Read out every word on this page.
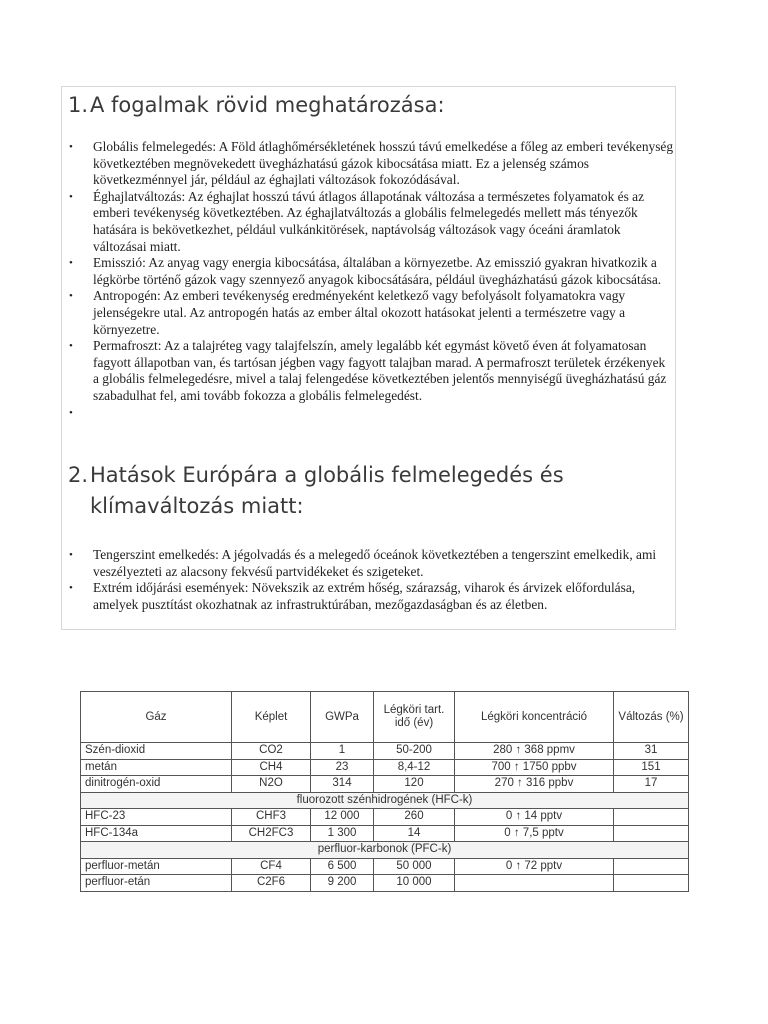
1.A fogalmak rövid meghatározása:
• Globális felmelegedés: A Föld átlaghőmérsékletének hosszú távú emelkedése a főleg az emberi tevékenység következtében megnövekedett üvegházhatású gázok kibocsátása miatt. Ez a jelenség számos következménnyel jár, például az éghajlati változások fokozódásával.
• Éghajlatváltozás: Az éghajlat hosszú távú átlagos állapotának változása a természetes folyamatok és az emberi tevékenység következtében. Az éghajlatváltozás a globális felmelegedés mellett más tényezők hatására is bekövetkezhet, például vulkánkitörések, naptávolság változások vagy óceáni áramlatok változásai miatt.
• Emisszió: Az anyag vagy energia kibocsátása, általában a környezetbe. Az emisszió gyakran hivatkozik a légkörbe történő gázok vagy szennyező anyagok kibocsátására, például üvegházhatású gázok kibocsátása.
• Antropogén: Az emberi tevékenység eredményeként keletkező vagy befolyásolt folyamatokra vagy jelenségekre utal. Az antropogén hatás az ember által okozott hatásokat jelenti a természetre vagy a környezetre.
• Permafroszt: Az a talajréteg vagy talajfelszín, amely legalább két egymást követő éven át folyamatosan fagyott állapotban van, és tartósan jégben vagy fagyott talajban marad. A permafroszt területek érzékenyek a globális felmelegedésre, mivel a talaj felengedése következtében jelentős mennyiségű üvegházhatású gáz szabadulhat fel, ami tovább fokozza a globális felmelegedést.
•
2.Hatások Európára a globális felmelegedés és klímaváltozás miatt:
• Tengerszint emelkedés: A jégolvadás és a melegedő óceánok következtében a tengerszint emelkedik, ami veszélyezteti az alacsony fekvésű partvidékeket és szigeteket.
• Extrém időjárási események: Növekszik az extrém hőség, szárazság, viharok és árvizek előfordulása, amelyek pusztítást okozhatnak az infrastruktúrában, mezőgazdaságban és az életben.
Gáz	Képlet	GWPa	Légköri tart. idő (év)	Légköri koncentráció	Változás (%)
Szén-dioxid	CO2	1	50-200	280 ↑ 368 ppmv	31
metán	CH4	23	8,4-12	700 ↑ 1750 ppbv	151
dinitrogén-oxid	N2O	314	120	270 ↑ 316 ppbv	17
fluorozott szénhidrogének (HFC-k)					
HFC-23	CHF3	12 000	260	0 ↑ 14 pptv	
HFC-134a	CH2FC3	1 300	14	0 ↑ 7,5 pptv	
perfluor-karbonok (PFC-k)					
perfluor-metán	CF4	6 500	50 000	0 ↑ 72 pptv	
perfluor-etán	C2F6	9 200	10 000		
